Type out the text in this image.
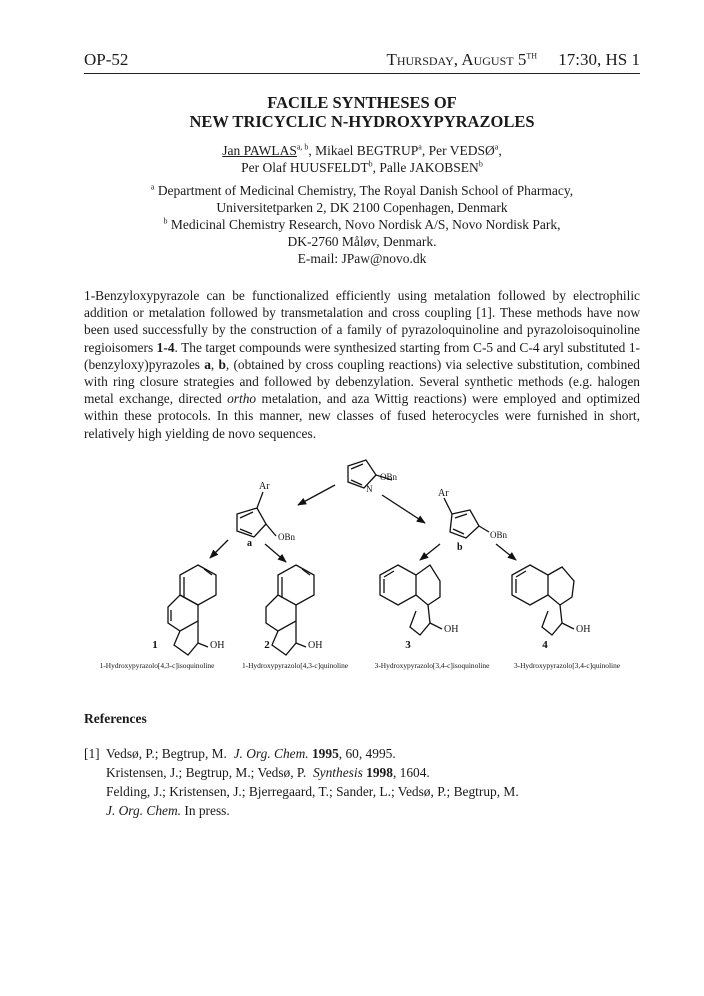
OP-52	Thursday, August 5TH 17:30, HS 1
FACILE SYNTHESES OF
NEW TRICYCLIC N-HYDROXYPYRAZOLES
Jan PAWLAS$^{a, b}$, Mikael BEGTRUP$^a$, Per VEDSØ$^a$,
Per Olaf HUUSFELDT$^b$, Palle JAKOBSEN$^b$
$^a$ Department of Medicinal Chemistry, The Royal Danish School of Pharmacy,
Universitetparken 2, DK 2100 Copenhagen, Denmark
$^b$ Medicinal Chemistry Research, Novo Nordisk A/S, Novo Nordisk Park,
DK-2760 Måløv, Denmark.
E-mail: JPaw@novo.dk
1-Benzyloxypyrazole can be functionalized efficiently using metalation followed by electrophilic addition or metalation followed by transmetalation and cross coupling [1]. These methods have now been used successfully by the construction of a family of pyrazoloquinoline and pyrazoloisoquinoline regioisomers 1-4. The target compounds were synthesized starting from C-5 and C-4 aryl substituted 1-(benzyloxy)pyrazoles a, b, (obtained by cross coupling reactions) via selective substitution, combined with ring closure strategies and followed by debenzylation. Several synthetic methods (e.g. halogen metal exchange, directed ortho metalation, and aza Wittig reactions) were employed and optimized within these protocols. In this manner, new classes of fused heterocycles were furnished in short, relatively high yielding de novo sequences.
N
OBn
Ar
OBn
a
Ar
OBn
b
OH	OH
OH	OH
1	2	3	4
1-Hydroxypyrazolo[4,3-c]isoquinoline	1-Hydroxypyrazolo[4,3-c]quinoline	3-Hydroxypyrazolo[3,4-c]isoquinoline	3-Hydroxypyrazolo[3,4-c]quinoline
References
[1] Vedsø, P.; Begtrup, M. J. Org. Chem. 1995, 60, 4995.
Kristensen, J.; Begtrup, M.; Vedsø, P. Synthesis 1998, 1604.
Felding, J.; Kristensen, J.; Bjerregaard, T.; Sander, L.; Vedsø, P.; Begtrup, M.
J. Org. Chem. In press.
